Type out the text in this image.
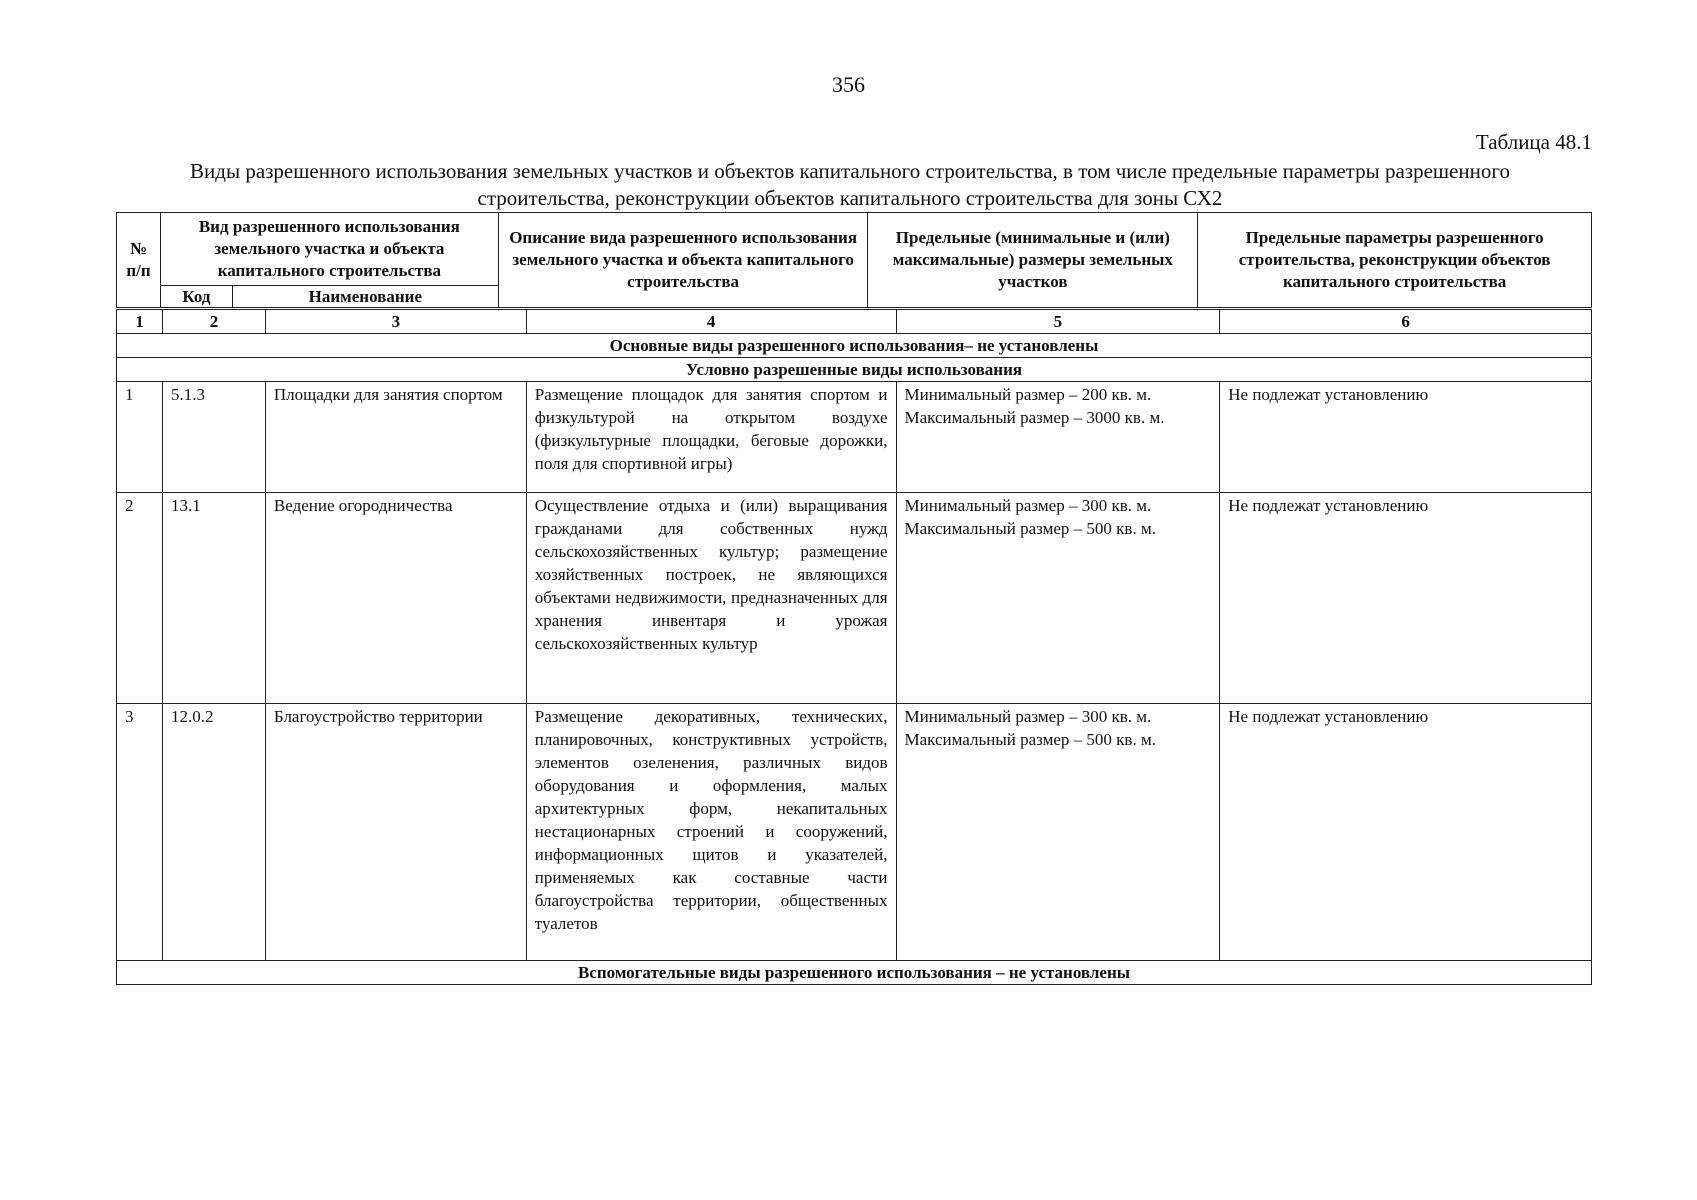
356
Таблица 48.1
Виды разрешенного использования земельных участков и объектов капитального строительства, в том числе предельные параметры разрешенного строительства, реконструкции объектов капитального строительства для зоны СХ2
№ п/п	Вид разрешенного использования земельного участка и объекта капитального строительства		Описание вида разрешенного использования земельного участка и объекта капитального строительства	Предельные (минимальные и (или) максимальные) размеры земельных участков	Предельные параметры разрешенного строительства, реконструкции объектов капитального строительства
	Код	Наименование			
1	2	3	4	5	6
Основные виды разрешенного использования– не установлены					
Условно разрешенные виды использования					
1	5.1.3	Площадки для занятия спортом	Размещение площадок для занятия спортом и физкультурой на открытом воздухе (физкультурные площадки, беговые дорожки, поля для спортивной игры)	Минимальный размер – 200 кв. м. Максимальный размер – 3000 кв. м.	Не подлежат установлению
2	13.1	Ведение огородничества	Осуществление отдыха и (или) выращивания гражданами для собственных нужд сельскохозяйственных культур; размещение хозяйственных построек, не являющихся объектами недвижимости, предназначенных для хранения инвентаря и урожая сельскохозяйственных культур	Минимальный размер – 300 кв. м. Максимальный размер – 500 кв. м.	Не подлежат установлению
3	12.0.2	Благоустройство территории	Размещение декоративных, технических, планировочных, конструктивных устройств, элементов озеленения, различных видов оборудования и оформления, малых архитектурных форм, некапитальных нестационарных строений и сооружений, информационных щитов и указателей, применяемых как составные части благоустройства территории, общественных туалетов	Минимальный размер – 300 кв. м. Максимальный размер – 500 кв. м.	Не подлежат установлению
Вспомогательные виды разрешенного использования – не установлены					
